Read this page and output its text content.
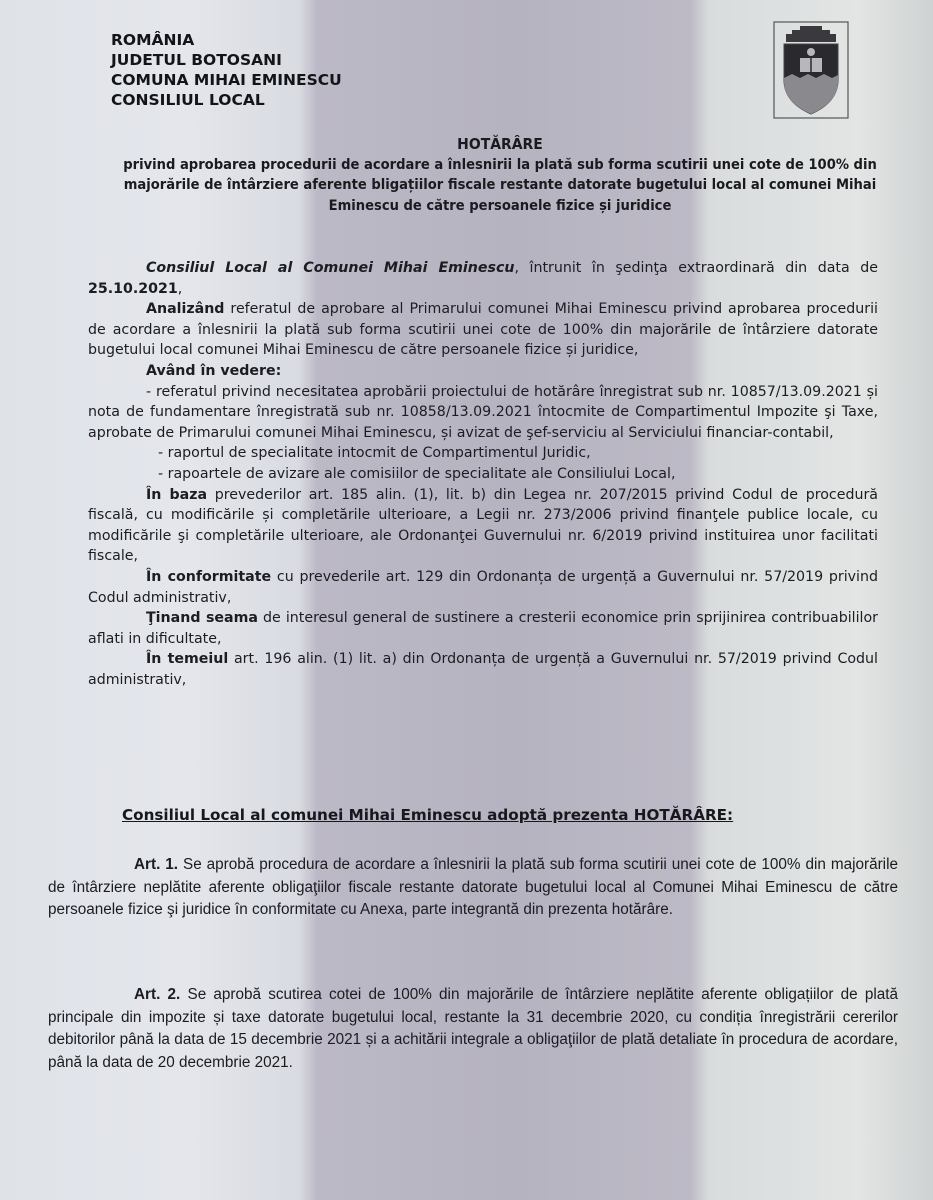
ROMÂNIA
JUDETUL BOTOSANI
COMUNA MIHAI EMINESCU
CONSILIUL LOCAL
HOTĂRÂRE
privind aprobarea procedurii de acordare a înlesnirii la plată sub forma scutirii unei cote de 100% din majorările de întârziere aferente bligațiilor fiscale restante datorate bugetului local al comunei Mihai Eminescu de către persoanele fizice și juridice

Consiliul Local al Comunei Mihai Eminescu, întrunit în şedinţa extraordinară din data de 25.10.2021,

Analizând referatul de aprobare al Primarului comunei Mihai Eminescu privind aprobarea procedurii de acordare a înlesnirii la plată sub forma scutirii unei cote de 100% din majorările de întârziere datorate bugetului local comunei Mihai Eminescu de către persoanele fizice și juridice,

Având în vedere:

- referatul privind necesitatea aprobării proiectului de hotărâre înregistrat sub nr. 10857/13.09.2021 și nota de fundamentare înregistrată sub nr. 10858/13.09.2021 întocmite de Compartimentul Impozite şi Taxe, aprobate de Primarului comunei Mihai Eminescu, și avizat de şef-serviciu al Serviciului financiar-contabil,

- raportul de specialitate intocmit de Compartimentul Juridic,

- rapoartele de avizare ale comisiilor de specialitate ale Consiliului Local,

În baza prevederilor art. 185 alin. (1), lit. b) din Legea nr. 207/2015 privind Codul de procedură fiscală, cu modificările și completările ulterioare, a Legii nr. 273/2006 privind finanţele publice locale, cu modificările şi completările ulterioare, ale Ordonanţei Guvernului nr. 6/2019 privind instituirea unor facilitati fiscale,

În conformitate cu prevederile art. 129 din Ordonanța de urgență a Guvernului nr. 57/2019 privind Codul administrativ,

Ţinand seama de interesul general de sustinere a cresterii economice prin sprijinirea contribuabililor aflati in dificultate,

În temeiul art. 196 alin. (1) lit. a) din Ordonanța de urgență a Guvernului nr. 57/2019 privind Codul administrativ,

Consiliul Local al comunei Mihai Eminescu adoptă prezenta HOTĂRÂRE:

Art. 1. Se aprobă procedura de acordare a înlesnirii la plată sub forma scutirii unei cote de 100% din majorările de întârziere neplătite aferente obligaţiilor fiscale restante datorate bugetului local al Comunei Mihai Eminescu de către persoanele fizice şi juridice în conformitate cu Anexa, parte integrantă din prezenta hotărâre.

Art. 2. Se aprobă scutirea cotei de 100% din majorările de întârziere neplătite aferente obligațiilor de plată principale din impozite și taxe datorate bugetului local, restante la 31 decembrie 2020, cu condiția înregistrării cererilor debitorilor până la data de 15 decembrie 2021 și a achitării integrale a obligaţiilor de plată detaliate în procedura de acordare, până la data de 20 decembrie 2021.
